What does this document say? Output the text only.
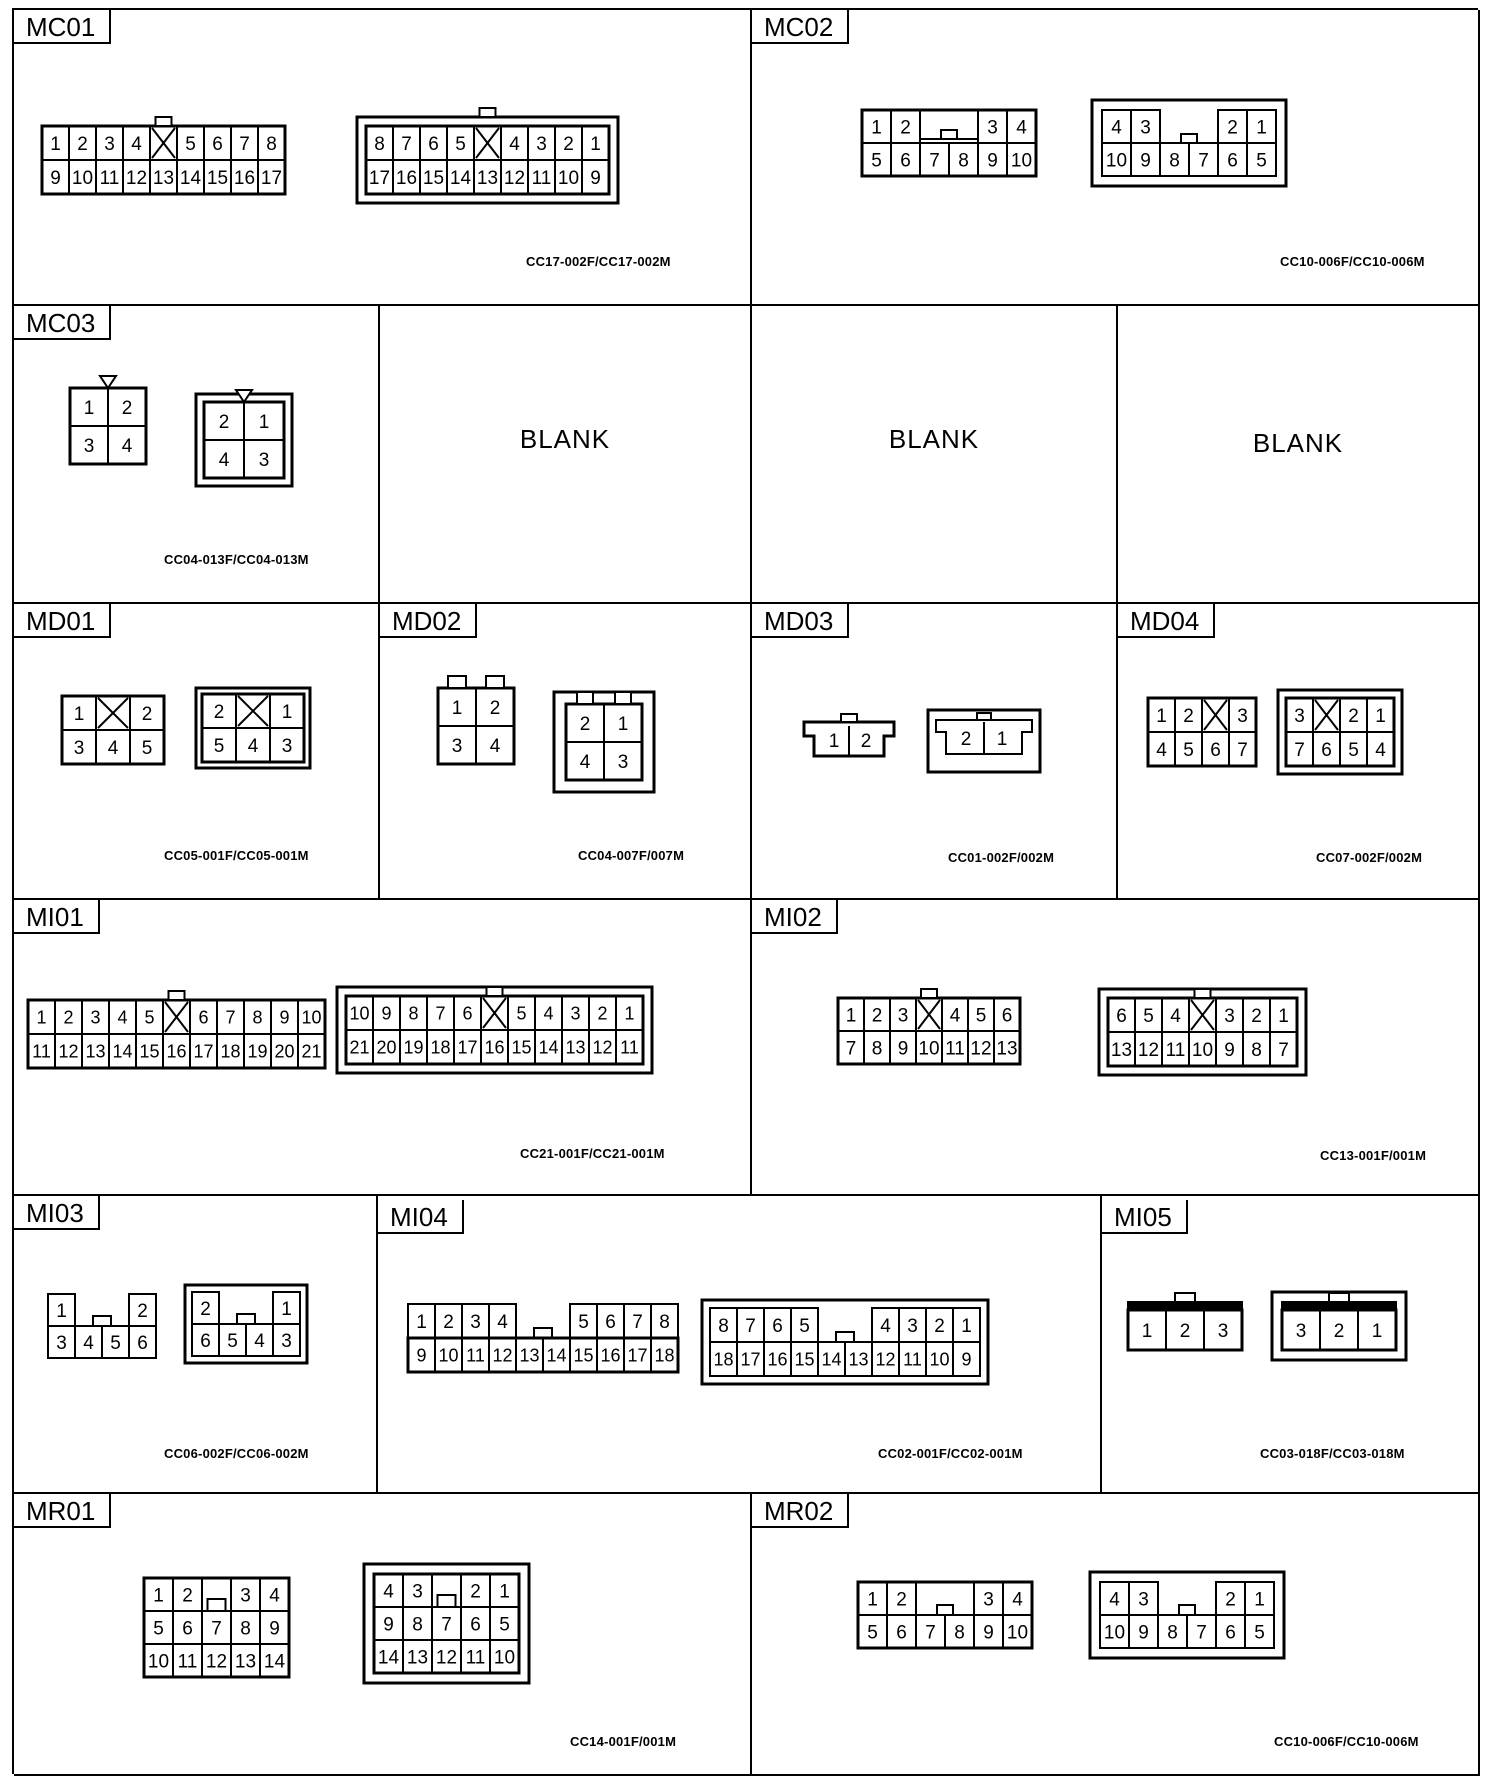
MC01
1 2 3 4 5 6 7 8
9 10 11 12 13 14 15 16 17
8 7 6 5 4 3 2 1
17 16 15 14 13 12 11 10 9
CC17-002F/CC17-002M
MC02
1 2	3 4
5 6 7 8 9 10
4 3	2 1
10 9 8 7 6 5
CC10-006F/CC10-006M
MC03
1 2
3 4
2 1
4 3
CC04-013F/CC04-013M
BLANK	BLANK	BLANK
MD01
1	2
3 4 5
2	1
5 4 3
CC05-001F/CC05-001M
MD02
1 2
3 4
2 1
4 3
CC04-007F/007M
MD03
1 2	2 1
CC01-002F/002M
MD04
1 2 3
4 5 6 7
3 2 1
7 6 5 4
CC07-002F/002M
MI01
1 2 3 4 5 6 7 8 9 10
11 12 13 14 15 16 17 18 19 20 21
10 9 8 7 6 5 4 3 2 1
21 20 19 18 17 16 15 14 13 12 11
CC21-001F/CC21-001M
MI02
1 2 3 4 5 6
7 8 9 10 11 12 13
6 5 4 3 2 1
13 12 11 10 9 8 7
CC13-001F/001M
MI03
1	2
3 4 5 6
2	1
6 5 4 3
CC06-002F/CC06-002M
MI04
1 2 3 4	5 6 7 8
9 10 11 12 13 14 15 16 17 18
8 7 6 5	4 3 2 1
18 17 16 15 14 13 12 11 10 9
CC02-001F/CC02-001M
MI05
1 2 3	3 2 1
CC03-018F/CC03-018M
MR01
1 2 3 4
5 6 7 8 9
10 11 12 13 14
4 3 2 1
9 8 7 6 5
14 13 12 11 10
CC14-001F/001M
MR02
1 2	3 4
5 6 7 8 9 10
4 3	2 1
10 9 8 7 6 5
CC10-006F/CC10-006M
